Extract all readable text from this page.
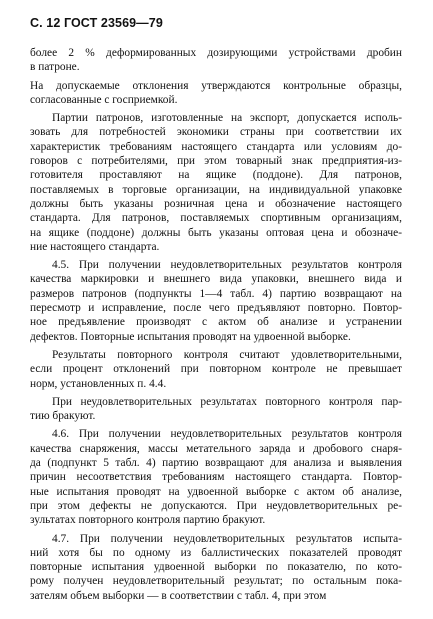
С. 12 ГОСТ 23569—79

более 2 % деформированных дозирующими устройствами дробин
в патроне.

На допускаемые отклонения утверждаются контрольные образцы,
согласованные с госприемкой.

Партии патронов, изготовленные на экспорт, допускается исполь-
зовать для потребностей экономики страны при соответствии их
характеристик требованиям настоящего стандарта или условиям до-
говоров с потребителями, при этом товарный знак предприятия-из-
готовителя проставляют на ящике (поддоне). Для патронов,
поставляемых в торговые организации, на индивидуальной упаковке
должны быть указаны розничная цена и обозначение настоящего
стандарта. Для патронов, поставляемых спортивным организациям,
на ящике (поддоне) должны быть указаны оптовая цена и обозначе-
ние настоящего стандарта.

4.5. При получении неудовлетворительных результатов контроля
качества маркировки и внешнего вида упаковки, внешнего вида и
размеров патронов (подпункты 1—4 табл. 4) партию возвращают на
пересмотр и исправление, после чего предъявляют повторно. Повтор-
ное предъявление производят с актом об анализе и устранении
дефектов. Повторные испытания проводят на удвоенной выборке.

Результаты повторного контроля считают удовлетворительными,
если процент отклонений при повторном контроле не превышает
норм, установленных п. 4.4.

При неудовлетворительных результатах повторного контроля пар-
тию бракуют.

4.6. При получении неудовлетворительных результатов контроля
качества снаряжения, массы метательного заряда и дробового снаря-
да (подпункт 5 табл. 4) партию возвращают для анализа и выявления
причин несоответствия требованиям настоящего стандарта. Повтор-
ные испытания проводят на удвоенной выборке с актом об анализе,
при этом дефекты не допускаются. При неудовлетворительных ре-
зультатах повторного контроля партию бракуют.

4.7. При получении неудовлетворительных результатов испыта-
ний хотя бы по одному из баллистических показателей проводят
повторные испытания удвоенной выборки по показателю, по кото-
рому получен неудовлетворительный результат; по остальным пока-
зателям объем выборки — в соответствии с табл. 4, при этом
